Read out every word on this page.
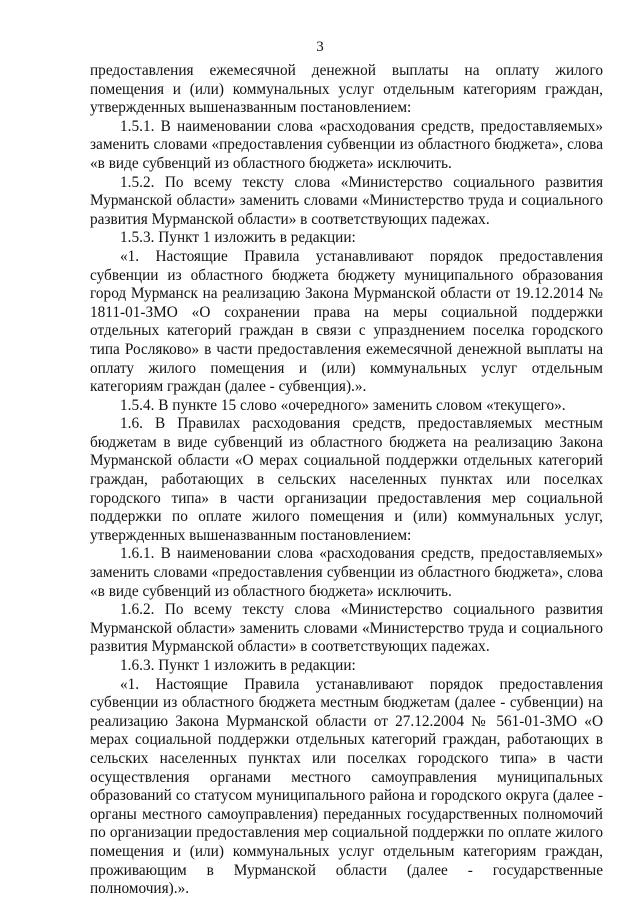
3

предоставления ежемесячной денежной выплаты на оплату жилого помещения и (или) коммунальных услуг отдельным категориям граждан, утвержденных вышеназванным постановлением:

1.5.1. В наименовании слова «расходования средств, предоставляемых» заменить словами «предоставления субвенции из областного бюджета», слова «в виде субвенций из областного бюджета» исключить.

1.5.2. По всему тексту слова «Министерство социального развития Мурманской области» заменить словами «Министерство труда и социального развития Мурманской области» в соответствующих падежах.

1.5.3. Пункт 1 изложить в редакции:

«1. Настоящие Правила устанавливают порядок предоставления субвенции из областного бюджета бюджету муниципального образования город Мурманск на реализацию Закона Мурманской области от 19.12.2014 № 1811-01-ЗМО «О сохранении права на меры социальной поддержки отдельных категорий граждан в связи с упразднением поселка городского типа Росляково» в части предоставления ежемесячной денежной выплаты на оплату жилого помещения и (или) коммунальных услуг отдельным категориям граждан (далее - субвенция).».

1.5.4. В пункте 15 слово «очередного» заменить словом «текущего».

1.6. В Правилах расходования средств, предоставляемых местным бюджетам в виде субвенций из областного бюджета на реализацию Закона Мурманской области «О мерах социальной поддержки отдельных категорий граждан, работающих в сельских населенных пунктах или поселках городского типа» в части организации предоставления мер социальной поддержки по оплате жилого помещения и (или) коммунальных услуг, утвержденных вышеназванным постановлением:

1.6.1. В наименовании слова «расходования средств, предоставляемых» заменить словами «предоставления субвенции из областного бюджета», слова «в виде субвенций из областного бюджета» исключить.

1.6.2. По всему тексту слова «Министерство социального развития Мурманской области» заменить словами «Министерство труда и социального развития Мурманской области» в соответствующих падежах.

1.6.3. Пункт 1 изложить в редакции:

«1. Настоящие Правила устанавливают порядок предоставления субвенции из областного бюджета местным бюджетам (далее - субвенции) на реализацию Закона Мурманской области от 27.12.2004 № 561-01-ЗМО «О мерах социальной поддержки отдельных категорий граждан, работающих в сельских населенных пунктах или поселках городского типа» в части осуществления органами местного самоуправления муниципальных образований со статусом муниципального района и городского округа (далее - органы местного самоуправления) переданных государственных полномочий по организации предоставления мер социальной поддержки по оплате жилого помещения и (или) коммунальных услуг отдельным категориям граждан, проживающим в Мурманской области (далее - государственные полномочия).».
